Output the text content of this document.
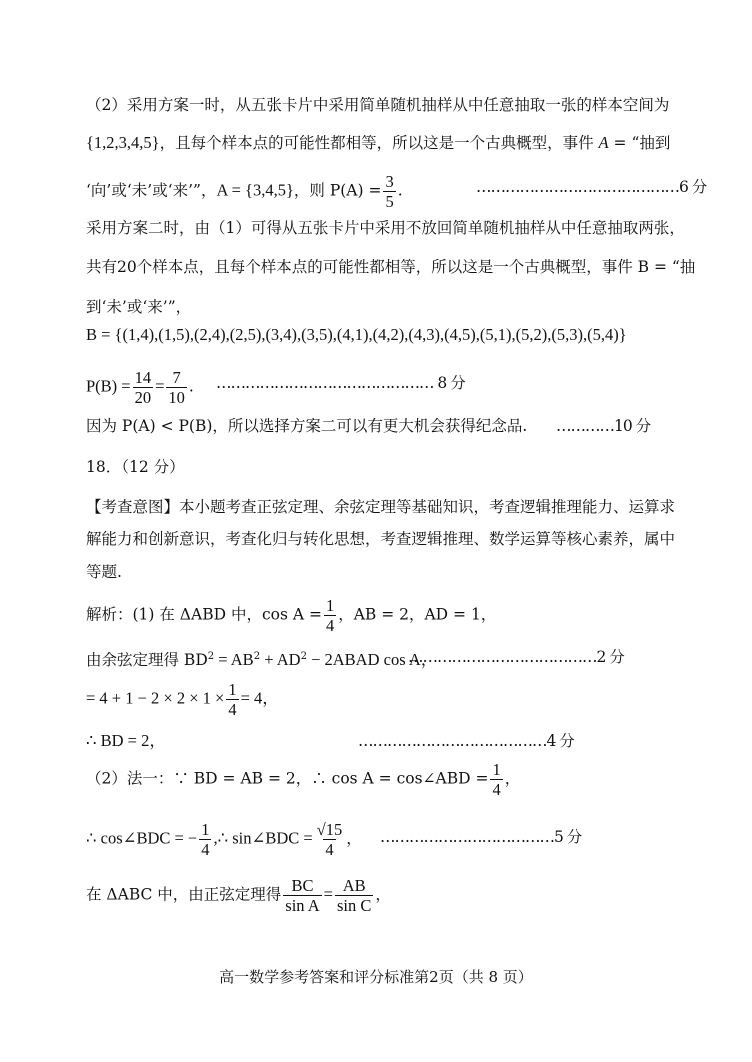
（2）采用方案一时，从五张卡片中采用简单随机抽样从中任意抽取一张的样本空间为
{1,2,3,4,5}，且每个样本点的可能性都相等，所以这是一个古典概型，事件 A = “抽到
‘向’或‘未’或‘来’”，A = {3,4,5}，则 $P(A) = \frac{3}{5}$ .	……………………………………6 分
采用方案二时，由（1）可得从五张卡片中采用不放回简单随机抽样从中任意抽取两张，
共有20个样本点，且每个样本点的可能性都相等，所以这是一个古典概型，事件 B = “抽
到‘未’或‘来’”，
B = {(1,4),(1,5),(2,4),(2,5),(3,4),(3,5),(4,1),(4,2),(4,3),(4,5),(5,1),(5,2),(5,3),(5,4)}
$P(B) = \frac{14}{20} = \frac{7}{10}$ . ……………………………………… 8 分
因为 P(A) < P(B)，所以选择方案二可以有更大机会获得纪念品. …………10 分
18．（12 分）
【考查意图】本小题考查正弦定理、余弦定理等基础知识，考查逻辑推理能力、运算求
解能力和创新意识，考查化归与转化思想，考查逻辑推理、数学运算等核心素养，属中
等题.
解析：(1) 在 ΔABD 中，$\cos A = \frac{1}{4}$ ，AB = 2，AD = 1，
由余弦定理得 $BD^2 = AB^2 + AD^2$ − 2ABAD cos A，
…………………………………2 分
= $4 + 1 - 2 \times 2 \times 1 \times \frac{1}{4} = 4$，
∴ BD = 2，	…………………………………4 分
（2）法一：∵ BD = AB = 2，∴ cos A = cos∠ABD = $\frac{1}{4}$ ，
∴ cos∠BDC = − $\frac{1}{4}$ ,∴ sin∠BDC = $\frac{√15}{4}$ ， ………………………………5 分
在 ΔABC 中，由正弦定理得 $\frac{BC}{\text{sin A}} = \frac{AB}{\text{sin C}}$ ，
高一数学参考答案和评分标准第2页（共 8 页）
